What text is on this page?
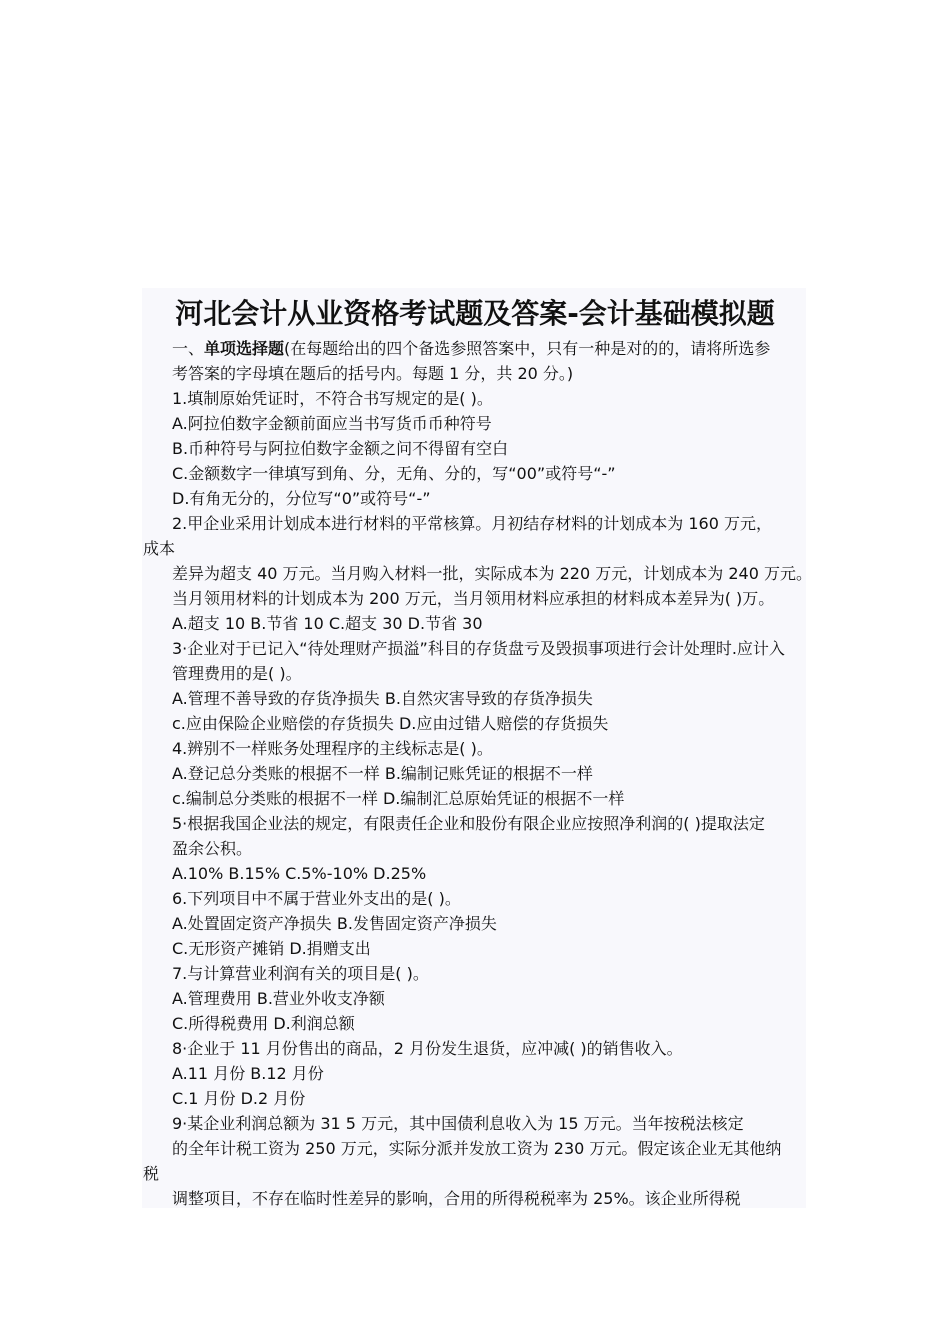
河北会计从业资格考试题及答案-会计基础模拟题
一、单项选择题(在每题给出的四个备选参照答案中，只有一种是对的的，请将所选参
考答案的字母填在题后的括号内。每题 1 分，共 20 分。)
1.填制原始凭证时，不符合书写规定的是( )。
A.阿拉伯数字金额前面应当书写货币币种符号
B.币种符号与阿拉伯数字金额之问不得留有空白
C.金额数字一律填写到角、分，无角、分的，写“00”或符号“-”
D.有角无分的，分位写“0”或符号“-”
2.甲企业采用计划成本进行材料的平常核算。月初结存材料的计划成本为 160 万元，
成本
差异为超支 40 万元。当月购入材料一批，实际成本为 220 万元，计划成本为 240 万元。
当月领用材料的计划成本为 200 万元，当月领用材料应承担的材料成本差异为( )万。
A.超支 10 B.节省 10 C.超支 30 D.节省 30
3·企业对于已记入“待处理财产损溢”科目的存货盘亏及毁损事项进行会计处理时.应计入
管理费用的是( )。
A.管理不善导致的存货净损失 B.自然灾害导致的存货净损失
c.应由保险企业赔偿的存货损失 D.应由过错人赔偿的存货损失
4.辨别不一样账务处理程序的主线标志是( )。
A.登记总分类账的根据不一样 B.编制记账凭证的根据不一样
c.编制总分类账的根据不一样 D.编制汇总原始凭证的根据不一样
5·根据我国企业法的规定，有限责任企业和股份有限企业应按照净利润的( )提取法定
盈余公积。
A.10% B.15% C.5%-10% D.25%
6.下列项目中不属于营业外支出的是( )。
A.处置固定资产净损失 B.发售固定资产净损失
C.无形资产摊销 D.捐赠支出
7.与计算营业利润有关的项目是( )。
A.管理费用 B.营业外收支净额
C.所得税费用 D.利润总额
8·企业于 11 月份售出的商品，2 月份发生退货，应冲减( )的销售收入。
A.11 月份 B.12 月份
C.1 月份 D.2 月份
9·某企业利润总额为 31 5 万元，其中国债利息收入为 15 万元。当年按税法核定
的全年计税工资为 250 万元，实际分派并发放工资为 230 万元。假定该企业无其他纳
税
调整项目，不存在临时性差异的影响，合用的所得税税率为 25%。该企业所得税
